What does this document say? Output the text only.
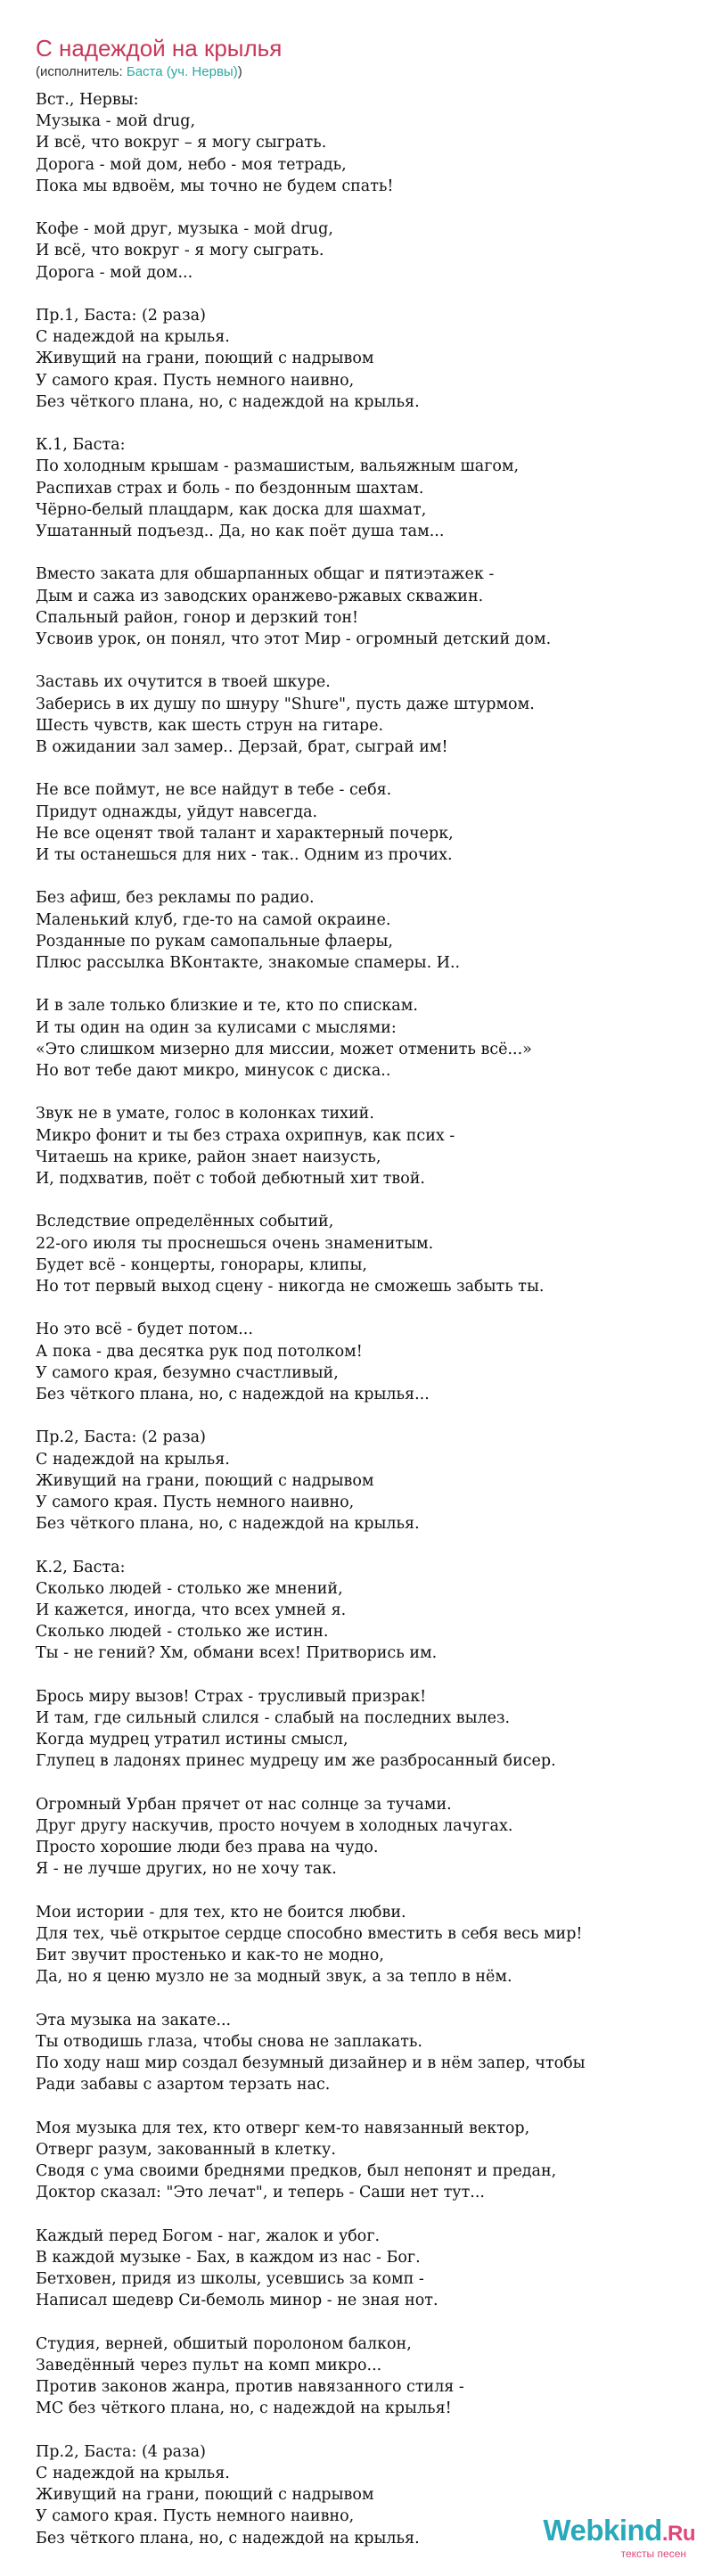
С надеждой на крылья
(исполнитель: Баста (уч. Нервы))
Вст., Нервы:
Музыка - мой drug,
И всё, что вокруг – я могу сыграть.
Дорога - мой дом, небо - моя тетрадь,
Пока мы вдвоём, мы точно не будем спать!
Кофе - мой друг, музыка - мой drug,
И всё, что вокруг - я могу сыграть.
Дорога - мой дом...
Пр.1, Баста: (2 раза)
С надеждой на крылья.
Живущий на грани, поющий с надрывом
У самого края. Пусть немного наивно,
Без чёткого плана, но, с надеждой на крылья.
К.1, Баста:
По холодным крышам - размашистым, вальяжным шагом,
Распихав страх и боль - по бездонным шахтам.
Чёрно-белый плацдарм, как доска для шахмат,
Ушатанный подъезд.. Да, но как поёт душа там...
Вместо заката для обшарпанных общаг и пятиэтажек -
Дым и сажа из заводских оранжево-ржавых скважин.
Спальный район, гонор и дерзкий тон!
Усвоив урок, он понял, что этот Мир - огромный детский дом.
Заставь их очутится в твоей шкуре.
Заберись в их душу по шнуру "Shure", пусть даже штурмом.
Шесть чувств, как шесть струн на гитаре.
В ожидании зал замер.. Дерзай, брат, сыграй им!
Не все поймут, не все найдут в тебе - себя.
Придут однажды, уйдут навсегда.
Не все оценят твой талант и характерный почерк,
И ты останешься для них - так.. Одним из прочих.
Без афиш, без рекламы по радио.
Маленький клуб, где-то на самой окраине.
Розданные по рукам самопальные флаеры,
Плюс рассылка ВКонтакте, знакомые спамеры. И..
И в зале только близкие и те, кто по спискам.
И ты один на один за кулисами с мыслями:
«Это слишком мизерно для миссии, может отменить всё...»
Но вот тебе дают микро, минусок с диска..
Звук не в умате, голос в колонках тихий.
Микро фонит и ты без страха охрипнув, как псих -
Читаешь на крике, район знает наизусть,
И, подхватив, поёт с тобой дебютный хит твой.
Вследствие определённых событий,
22-ого июля ты проснешься очень знаменитым.
Будет всё - концерты, гонорары, клипы,
Но тот первый выход сцену - никогда не сможешь забыть ты.
Но это всё - будет потом...
А пока - два десятка рук под потолком!
У самого края, безумно счастливый,
Без чёткого плана, но, с надеждой на крылья...
Пр.2, Баста: (2 раза)
С надеждой на крылья.
Живущий на грани, поющий с надрывом
У самого края. Пусть немного наивно,
Без чёткого плана, но, с надеждой на крылья.
К.2, Баста:
Сколько людей - столько же мнений,
И кажется, иногда, что всех умней я.
Сколько людей - столько же истин.
Ты - не гений? Хм, обмани всех! Притворись им.
Брось миру вызов! Страх - трусливый призрак!
И там, где сильный слился - слабый на последних вылез.
Когда мудрец утратил истины смысл,
Глупец в ладонях принес мудрецу им же разбросанный бисер.
Огромный Урбан прячет от нас солнце за тучами.
Друг другу наскучив, просто ночуем в холодных лачугах.
Просто хорошие люди без права на чудо.
Я - не лучше других, но не хочу так.
Мои истории - для тех, кто не боится любви.
Для тех, чьё открытое сердце способно вместить в себя весь мир!
Бит звучит простенько и как-то не модно,
Да, но я ценю музло не за модный звук, а за тепло в нём.
Эта музыка на закате...
Ты отводишь глаза, чтобы снова не заплакать.
По ходу наш мир создал безумный дизайнер и в нём запер, чтобы
Ради забавы с азартом терзать нас.
Моя музыка для тех, кто отверг кем-то навязанный вектор,
Отверг разум, закованный в клетку.
Сводя с ума своими бреднями предков, был непонят и предан,
Доктор сказал: "Это лечат", и теперь - Саши нет тут...
Каждый перед Богом - наг, жалок и убог.
В каждой музыке - Бах, в каждом из нас - Бог.
Бетховен, придя из школы, усевшись за комп -
Написал шедевр Си-бемоль минор - не зная нот.
Студия, верней, обшитый поролоном балкон,
Заведённый через пульт на комп микро...
Против законов жанра, против навязанного стиля -
МС без чёткого плана, но, с надеждой на крылья!
Пр.2, Баста: (4 раза)
С надеждой на крылья.
Живущий на грани, поющий с надрывом
У самого края. Пусть немного наивно,
Без чёткого плана, но, с надеждой на крылья.	Webkind.Ru
тексты песен
